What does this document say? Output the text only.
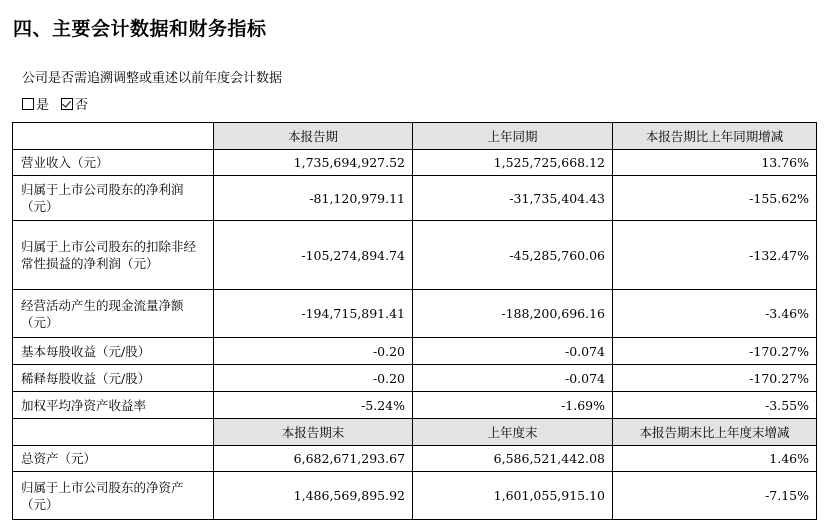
四、主要会计数据和财务指标
公司是否需追溯调整或重述以前年度会计数据
是 否
	本报告期	上年同期	本报告期比上年同期增减
营业收入（元）	1,735,694,927.52	1,525,725,668.12	13.76%
归属于上市公司股东的净利润（元）	-81,120,979.11	-31,735,404.43	-155.62%
归属于上市公司股东的扣除非经常性损益的净利润（元）	-105,274,894.74	-45,285,760.06	-132.47%
经营活动产生的现金流量净额（元）	-194,715,891.41	-188,200,696.16	-3.46%
基本每股收益（元/股）	-0.20	-0.074	-170.27%
稀释每股收益（元/股）	-0.20	-0.074	-170.27%
加权平均净资产收益率	-5.24%	-1.69%	-3.55%
	本报告期末	上年度末	本报告期末比上年度末增减
总资产（元）	6,682,671,293.67	6,586,521,442.08	1.46%
归属于上市公司股东的净资产（元）	1,486,569,895.92	1,601,055,915.10	-7.15%
